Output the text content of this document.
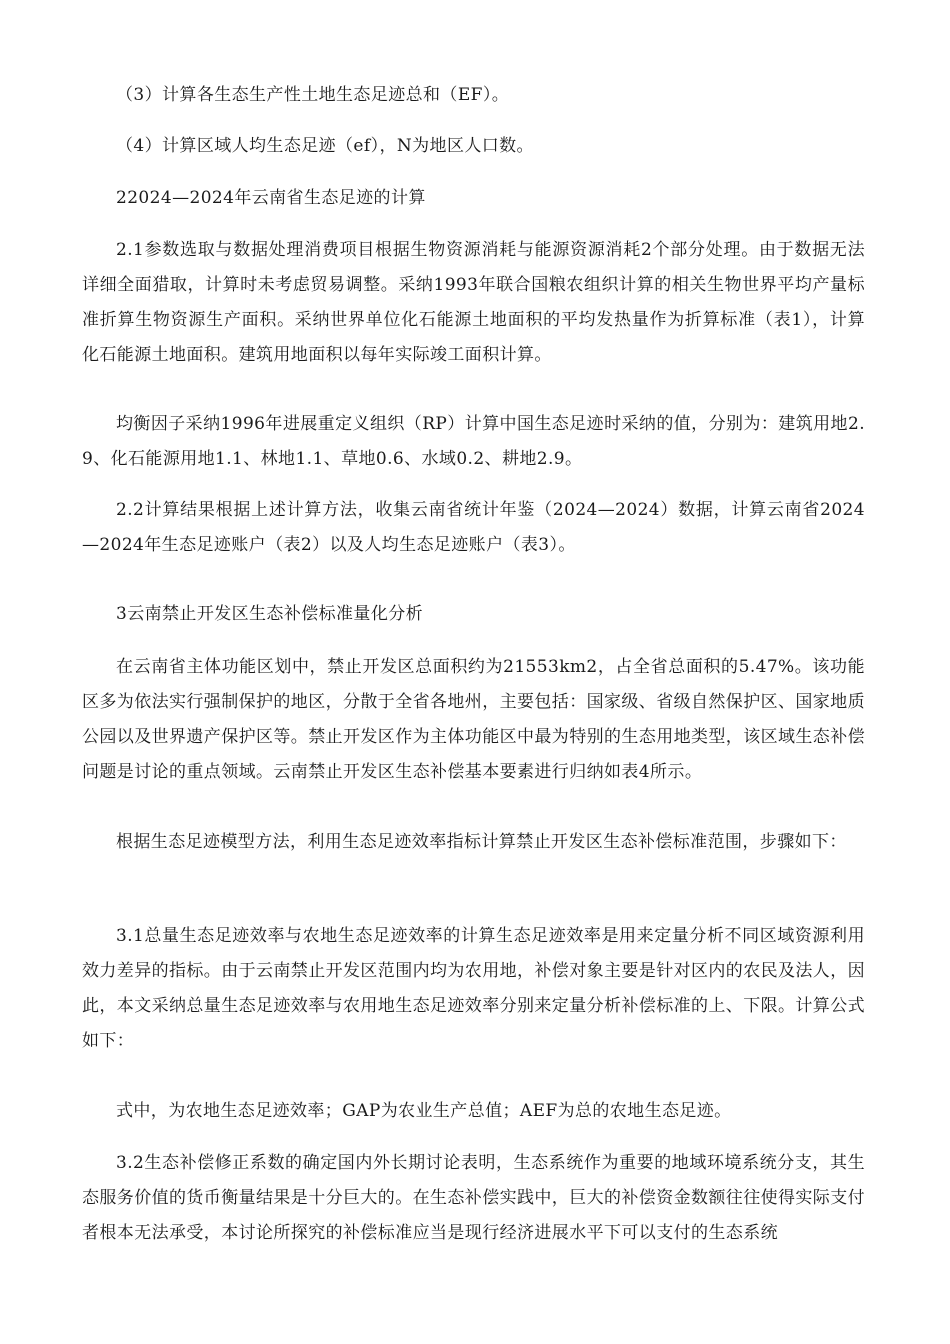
（3）计算各生态生产性土地生态足迹总和（EF）。

（4）计算区域人均生态足迹（ef），N为地区人口数。

22024—2024年云南省生态足迹的计算

2.1参数选取与数据处理消费项目根据生物资源消耗与能源资源消耗2个部分处理。由于数据无法详细全面猎取，计算时未考虑贸易调整。采纳1993年联合国粮农组织计算的相关生物世界平均产量标准折算生物资源生产面积。采纳世界单位化石能源土地面积的平均发热量作为折算标准（表1），计算化石能源土地面积。建筑用地面积以每年实际竣工面积计算。

均衡因子采纳1996年进展重定义组织（RP）计算中国生态足迹时采纳的值，分别为：建筑用地2.9、化石能源用地1.1、林地1.1、草地0.6、水域0.2、耕地2.9。

2.2计算结果根据上述计算方法，收集云南省统计年鉴（2024—2024）数据，计算云南省2024—2024年生态足迹账户（表2）以及人均生态足迹账户（表3）。

3云南禁止开发区生态补偿标准量化分析

在云南省主体功能区划中，禁止开发区总面积约为21553km2，占全省总面积的5.47%。该功能区多为依法实行强制保护的地区，分散于全省各地州，主要包括：国家级、省级自然保护区、国家地质公园以及世界遗产保护区等。禁止开发区作为主体功能区中最为特别的生态用地类型，该区域生态补偿问题是讨论的重点领域。云南禁止开发区生态补偿基本要素进行归纳如表4所示。

根据生态足迹模型方法，利用生态足迹效率指标计算禁止开发区生态补偿标准范围，步骤如下：

3.1总量生态足迹效率与农地生态足迹效率的计算生态足迹效率是用来定量分析不同区域资源利用效力差异的指标。由于云南禁止开发区范围内均为农用地，补偿对象主要是针对区内的农民及法人，因此，本文采纳总量生态足迹效率与农用地生态足迹效率分别来定量分析补偿标准的上、下限。计算公式如下：

式中，为农地生态足迹效率；GAP为农业生产总值；AEF为总的农地生态足迹。

3.2生态补偿修正系数的确定国内外长期讨论表明，生态系统作为重要的地域环境系统分支，其生态服务价值的货币衡量结果是十分巨大的。在生态补偿实践中，巨大的补偿资金数额往往使得实际支付者根本无法承受，本讨论所探究的补偿标准应当是现行经济进展水平下可以支付的生态系统
